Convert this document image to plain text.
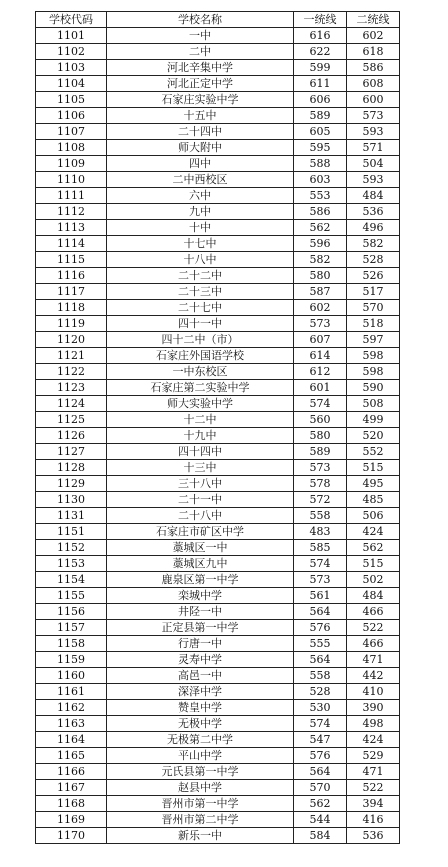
学校代码	学校名称	一统线	二统线
1101	一中	616	602
1102	二中	622	618
1103	河北辛集中学	599	586
1104	河北正定中学	611	608
1105	石家庄实验中学	606	600
1106	十五中	589	573
1107	二十四中	605	593
1108	师大附中	595	571
1109	四中	588	504
1110	二中西校区	603	593
1111	六中	553	484
1112	九中	586	536
1113	十中	562	496
1114	十七中	596	582
1115	十八中	582	528
1116	二十二中	580	526
1117	二十三中	587	517
1118	二十七中	602	570
1119	四十一中	573	518
1120	四十二中（市）	607	597
1121	石家庄外国语学校	614	598
1122	一中东校区	612	598
1123	石家庄第二实验中学	601	590
1124	师大实验中学	574	508
1125	十二中	560	499
1126	十九中	580	520
1127	四十四中	589	552
1128	十三中	573	515
1129	三十八中	578	495
1130	二十一中	572	485
1131	二十八中	558	506
1151	石家庄市矿区中学	483	424
1152	藁城区一中	585	562
1153	藁城区九中	574	515
1154	鹿泉区第一中学	573	502
1155	栾城中学	561	484
1156	井陉一中	564	466
1157	正定县第一中学	576	522
1158	行唐一中	555	466
1159	灵寿中学	564	471
1160	高邑一中	558	442
1161	深泽中学	528	410
1162	赞皇中学	530	390
1163	无极中学	574	498
1164	无极第二中学	547	424
1165	平山中学	576	529
1166	元氏县第一中学	564	471
1167	赵县中学	570	522
1168	晋州市第一中学	562	394
1169	晋州市第二中学	544	416
1170	新乐一中	584	536
